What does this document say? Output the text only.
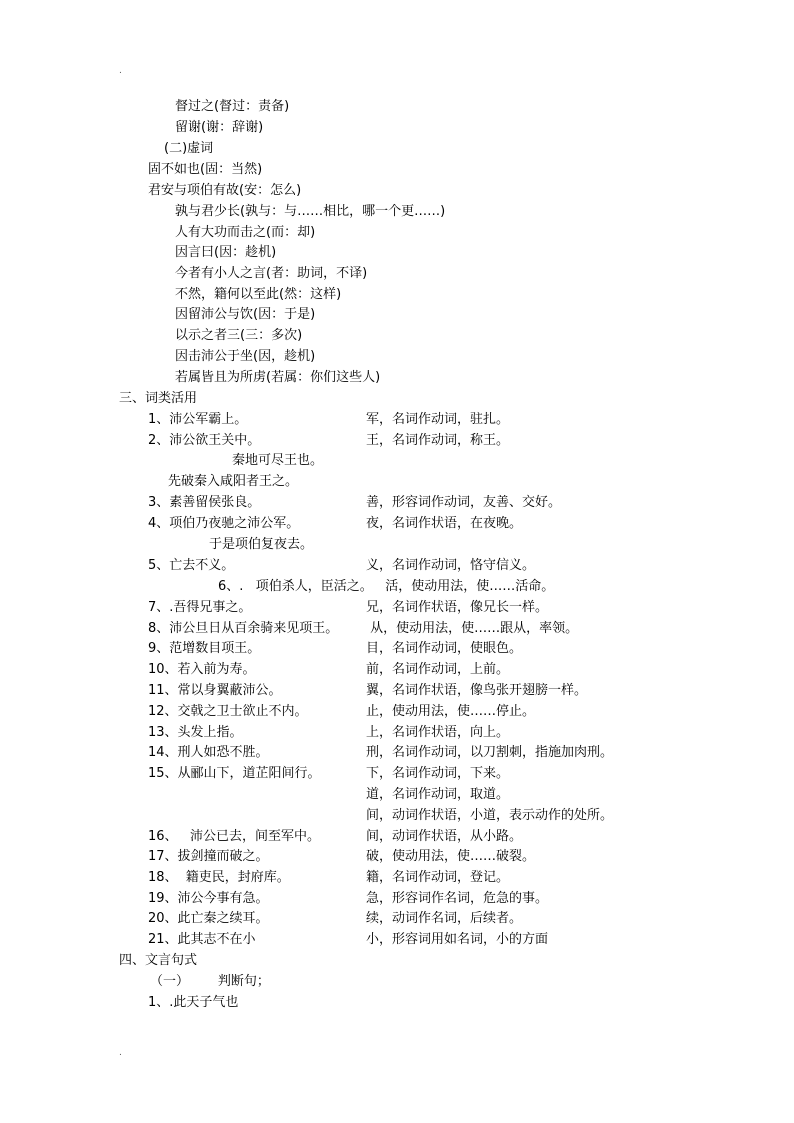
.
督过之(督过：责备)
留谢(谢：辞谢)
(二)虚词
固不如也(固：当然)
君安与项伯有故(安：怎么)
孰与君少长(孰与：与……相比，哪一个更……)
人有大功而击之(而：却)
因言曰(因：趁机)
今者有小人之言(者：助词，不译)
不然，籍何以至此(然：这样)
因留沛公与饮(因：于是)
以示之者三(三：多次)
因击沛公于坐(因，趁机)
若属皆且为所虏(若属：你们这些人)
三、词类活用
1、沛公军霸上。	军，名词作动词，驻扎。
2、沛公欲王关中。	王，名词作动词，称王。
秦地可尽王也。
先破秦入咸阳者王之。
3、素善留侯张良。	善，形容词作动词，友善、交好。
4、项伯乃夜驰之沛公军。	夜，名词作状语，在夜晚。
于是项伯复夜去。
5、亡去不义。	义，名词作动词，恪守信义。
6、.   项伯杀人，臣活之。   活，使动用法，使……活命。
7、.吾得兄事之。	兄，名词作状语，像兄长一样。
8、沛公旦日从百余骑来见项王。 从，使动用法，使……跟从，率领。
9、范增数目项王。	目，名词作动词，使眼色。
10、若入前为寿。	前，名词作动词，上前。
11、常以身翼蔽沛公。	翼，名词作状语，像鸟张开翅膀一样。
12、交戟之卫士欲止不内。	止，使动用法，使……停止。
13、头发上指。	上，名词作状语，向上。
14、刑人如恐不胜。	刑，名词作动词，以刀割刺，指施加肉刑。
15、从郦山下，道芷阳间行。	下，名词作动词，下来。
道，名词作动词，取道。
间，动词作状语，小道，表示动作的处所。
16、   沛公已去，间至军中。	间，动词作状语，从小路。
17、拔剑撞而破之。	破，使动用法，使……破裂。
18、  籍吏民，封府库。	籍，名词作动词，登记。
19、沛公今事有急。	急，形容词作名词，危急的事。
20、此亡秦之续耳。	续，动词作名词，后续者。
21、此其志不在小	小，形容词用如名词，小的方面
四、文言句式
（一）       判断句；
1、.此天子气也
.
